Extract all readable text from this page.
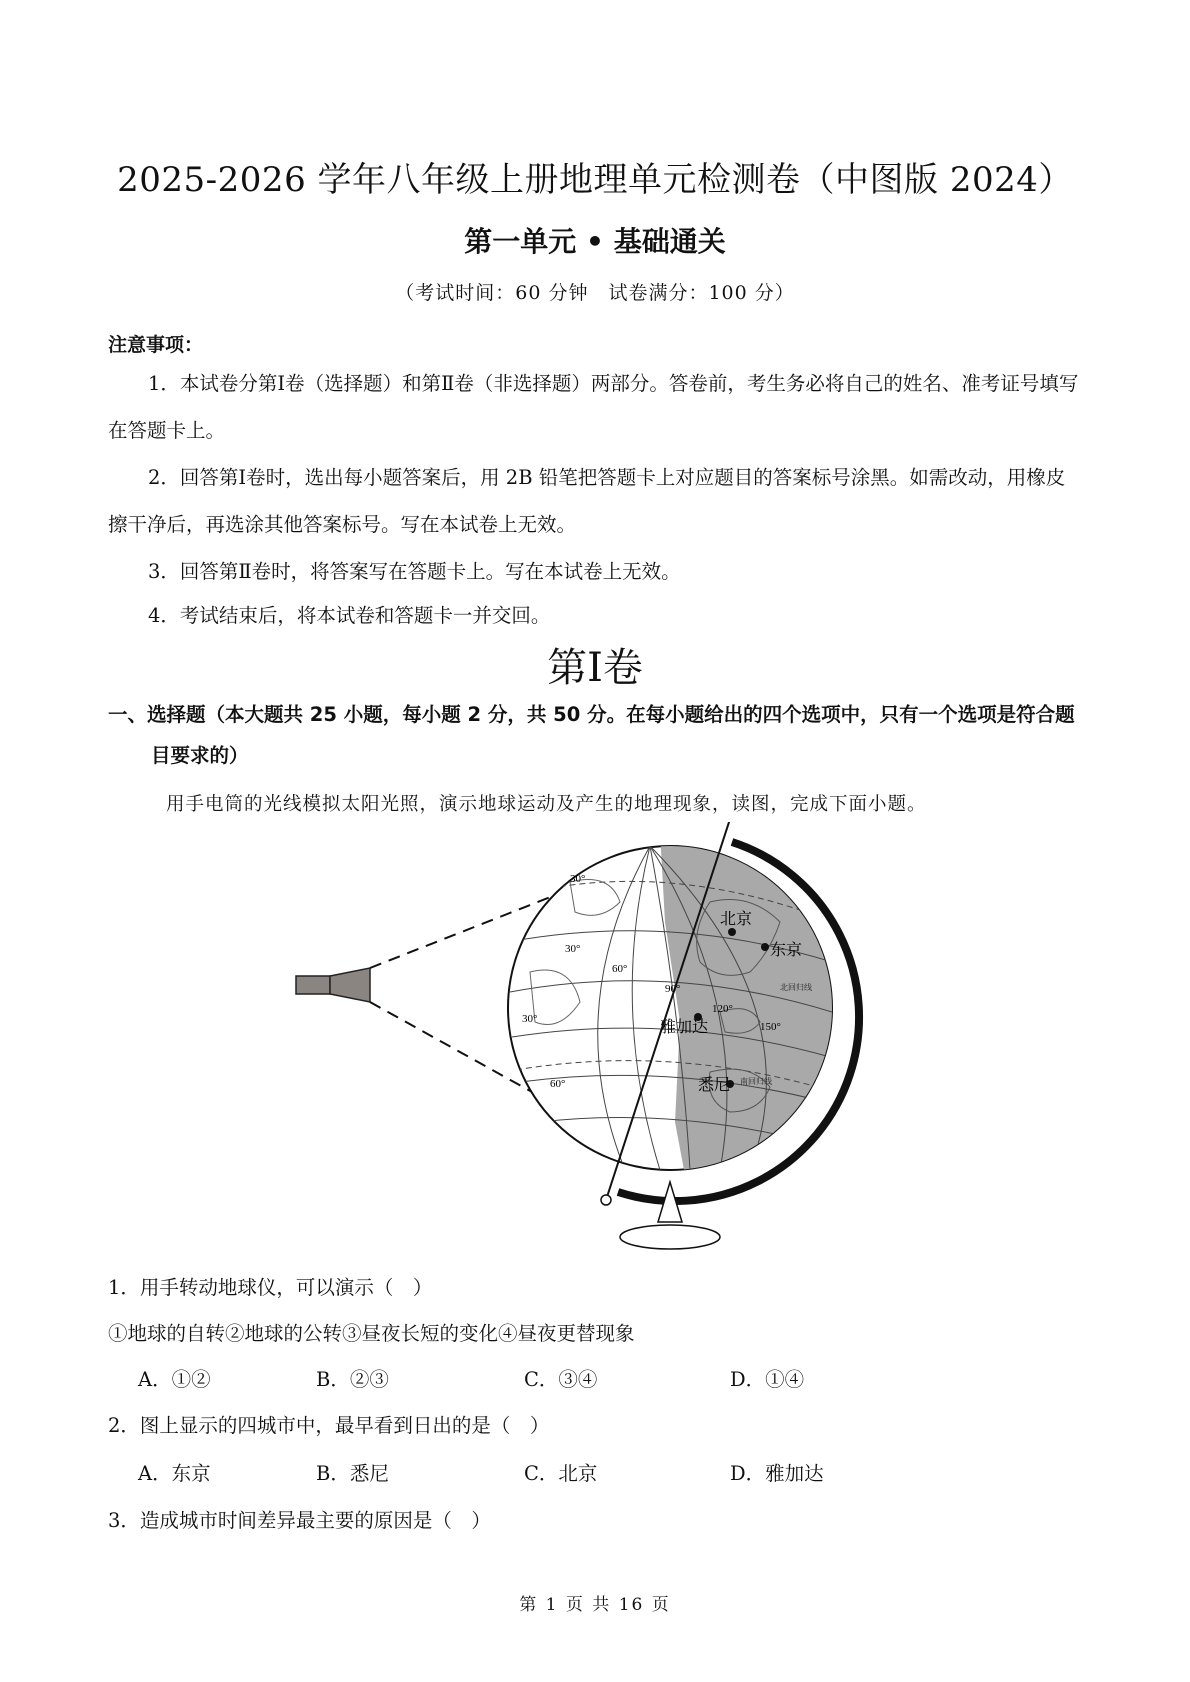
2025-2026 学年八年级上册地理单元检测卷（中图版 2024）
第一单元 • 基础通关
（考试时间：60 分钟　试卷满分：100 分）
注意事项：
1．本试卷分第Ⅰ卷（选择题）和第Ⅱ卷（非选择题）两部分。答卷前，考生务必将自己的姓名、准考证号填写在答题卡上。
2．回答第Ⅰ卷时，选出每小题答案后，用 2B 铅笔把答题卡上对应题目的答案标号涂黑。如需改动，用橡皮擦干净后，再选涂其他答案标号。写在本试卷上无效。
3．回答第Ⅱ卷时，将答案写在答题卡上。写在本试卷上无效。
4．考试结束后，将本试卷和答题卡一并交回。
第Ⅰ卷
一、选择题（本大题共 25 小题，每小题 2 分，共 50 分。在每小题给出的四个选项中，只有一个选项是符合题目要求的）
用手电筒的光线模拟太阳光照，演示地球运动及产生的地理现象，读图，完成下面小题。
30°
30°
30°
60°
60°
90°
120°
150°
北回归线
南回归线
北京
东京
雅加达
悉尼
1．用手转动地球仪，可以演示（　）
①地球的自转②地球的公转③昼夜长短的变化④昼夜更替现象
A．①②	B．②③	C．③④	D．①④
2．图上显示的四城市中，最早看到日出的是（　）
A．东京	B．悉尼	C．北京	D．雅加达
3．造成城市时间差异最主要的原因是（　）
第 1 页 共 16 页
